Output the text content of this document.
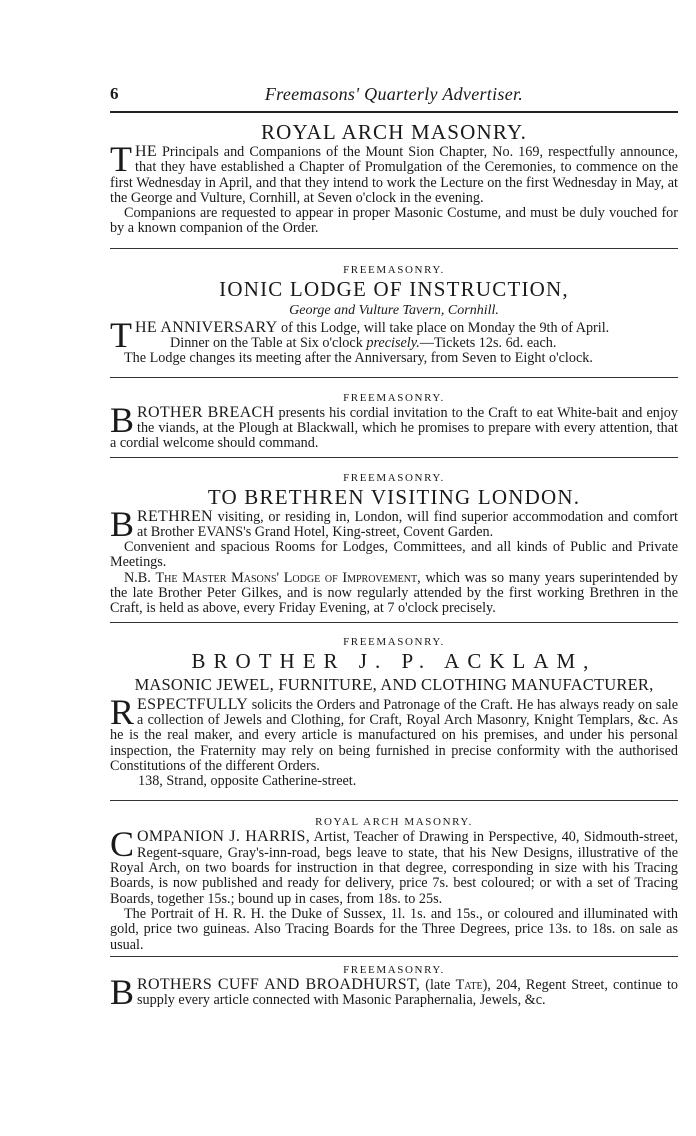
6	Freemasons' Quarterly Advertiser.
ROYAL ARCH MASONRY.

THE Principals and Companions of the Mount Sion Chapter, No. 169, respectfully announce, that they have established a Chapter of Promulgation of the Ceremonies, to commence on the first Wednesday in April, and that they intend to work the Lecture on the first Wednesday in May, at the George and Vulture, Cornhill, at Seven o'clock in the evening.

Companions are requested to appear in proper Masonic Costume, and must be duly vouched for by a known companion of the Order.

FREEMASONRY.
IONIC LODGE OF INSTRUCTION,
George and Vulture Tavern, Cornhill.

THE ANNIVERSARY of this Lodge, will take place on Monday the 9th of April.

Dinner on the Table at Six o'clock precisely.—Tickets 12s. 6d. each.

The Lodge changes its meeting after the Anniversary, from Seven to Eight o'clock.

FREEMASONRY.

BROTHER BREACH presents his cordial invitation to the Craft to eat White-bait and enjoy the viands, at the Plough at Blackwall, which he promises to prepare with every attention, that a cordial welcome should command.

FREEMASONRY.
TO BRETHREN VISITING LONDON.

BRETHREN visiting, or residing in, London, will find superior accommodation and comfort at Brother EVANS's Grand Hotel, King-street, Covent Garden.

Convenient and spacious Rooms for Lodges, Committees, and all kinds of Public and Private Meetings.

N.B. The Master Masons' Lodge of Improvement, which was so many years superintended by the late Brother Peter Gilkes, and is now regularly attended by the first working Brethren in the Craft, is held as above, every Friday Evening, at 7 o'clock precisely.

FREEMASONRY.
BROTHER J. P. ACKLAM,
MASONIC JEWEL, FURNITURE, AND CLOTHING MANUFACTURER,

RESPECTFULLY solicits the Orders and Patronage of the Craft. He has always ready on sale a collection of Jewels and Clothing, for Craft, Royal Arch Masonry, Knight Templars, &c. As he is the real maker, and every article is manufactured on his premises, and under his personal inspection, the Fraternity may rely on being furnished in precise conformity with the authorised Constitutions of the different Orders.

138, Strand, opposite Catherine-street.

ROYAL ARCH MASONRY.

COMPANION J. HARRIS, Artist, Teacher of Drawing in Perspective, 40, Sidmouth-street, Regent-square, Gray's-inn-road, begs leave to state, that his New Designs, illustrative of the Royal Arch, on two boards for instruction in that degree, corresponding in size with his Tracing Boards, is now published and ready for delivery, price 7s. best coloured; or with a set of Tracing Boards, together 15s.; bound up in cases, from 18s. to 25s.

The Portrait of H. R. H. the Duke of Sussex, 1l. 1s. and 15s., or coloured and illuminated with gold, price two guineas. Also Tracing Boards for the Three Degrees, price 13s. to 18s. on sale as usual.

FREEMASONRY.

BROTHERS CUFF AND BROADHURST, (late Tate), 204, Regent Street, continue to supply every article connected with Masonic Paraphernalia, Jewels, &c.
